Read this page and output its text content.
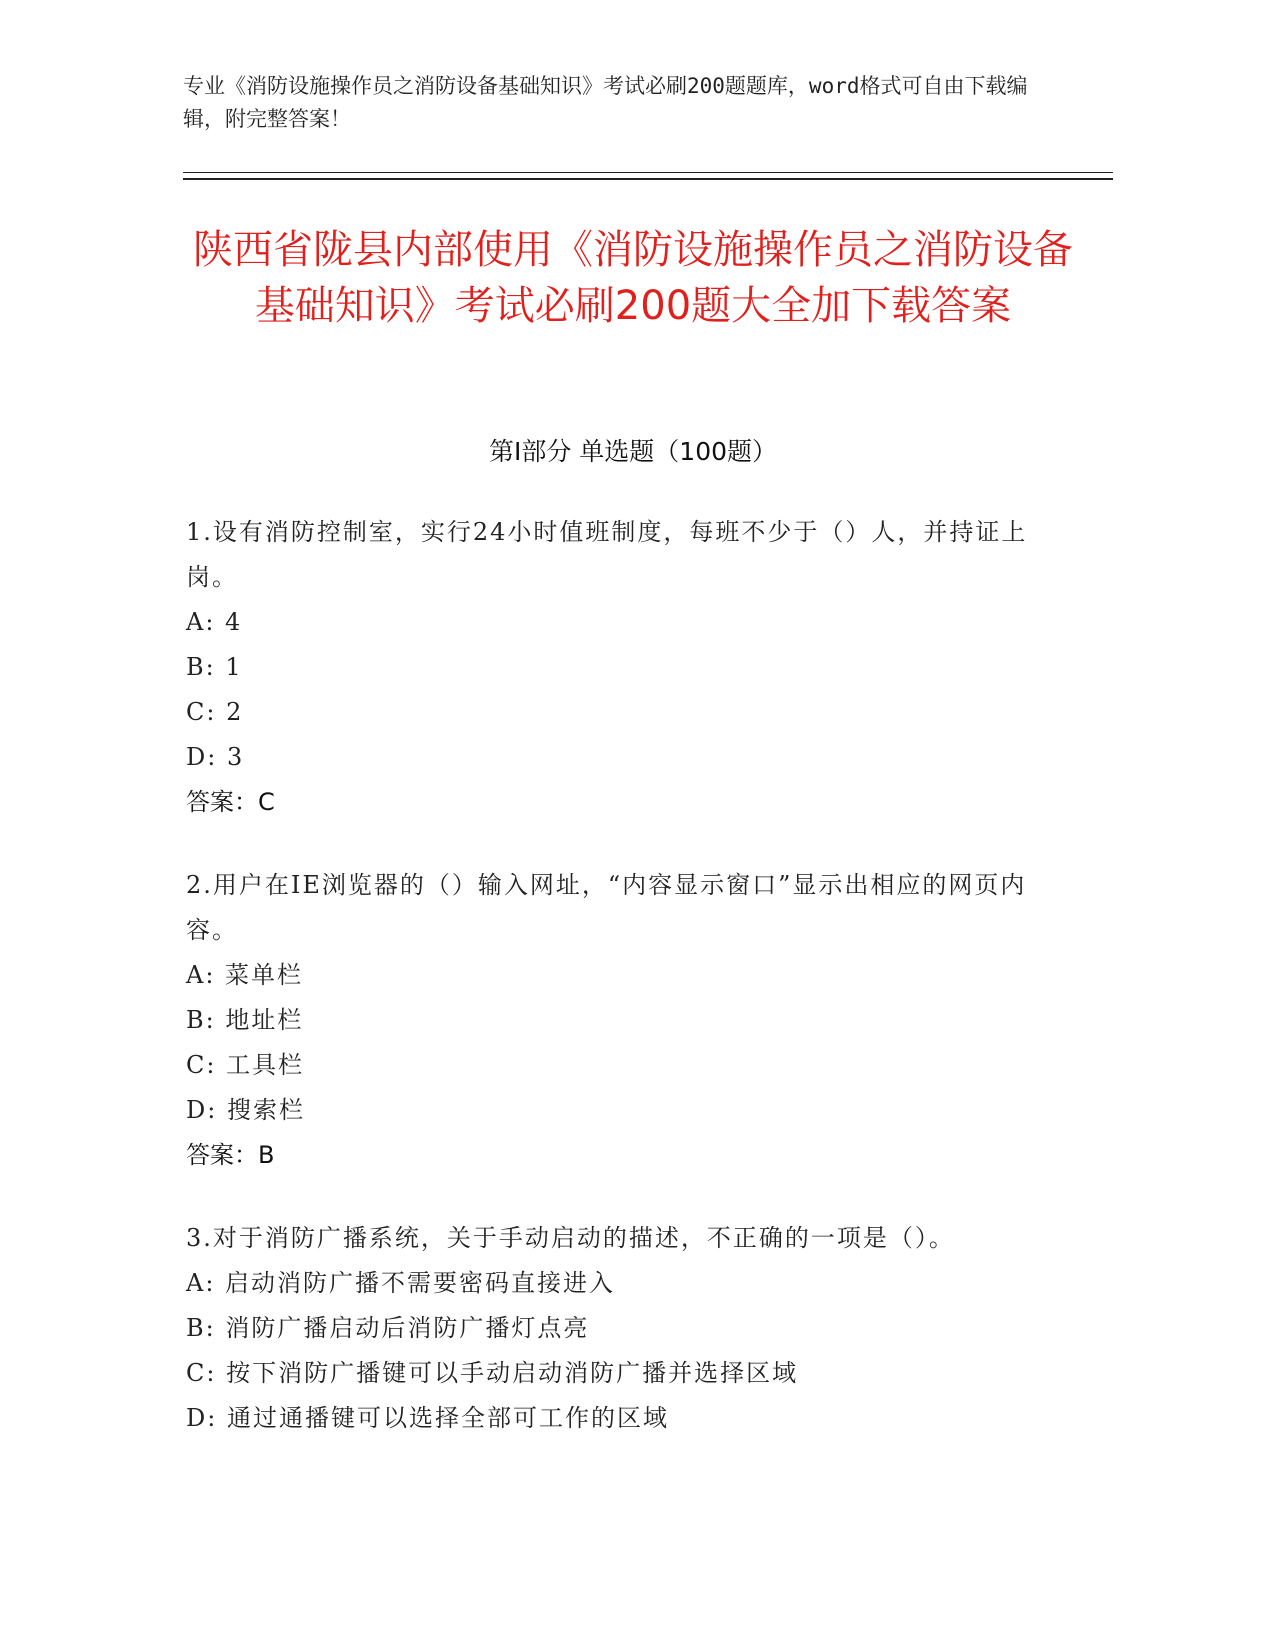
专业《消防设施操作员之消防设备基础知识》考试必刷200题题库，word格式可自由下载编辑，附完整答案！
陕西省陇县内部使用《消防设施操作员之消防设备基础知识》考试必刷200题大全加下载答案
第I部分 单选题（100题）

1.设有消防控制室，实行24小时值班制度，每班不少于（）人，并持证上岗。

A: 4

B: 1

C: 2

D: 3

答案：C

2.用户在IE浏览器的（）输入网址，“内容显示窗口”显示出相应的网页内容。

A: 菜单栏

B: 地址栏

C: 工具栏

D: 搜索栏

答案：B

3.对于消防广播系统，关于手动启动的描述，不正确的一项是（）。

A: 启动消防广播不需要密码直接进入

B: 消防广播启动后消防广播灯点亮

C: 按下消防广播键可以手动启动消防广播并选择区域

D: 通过通播键可以选择全部可工作的区域
